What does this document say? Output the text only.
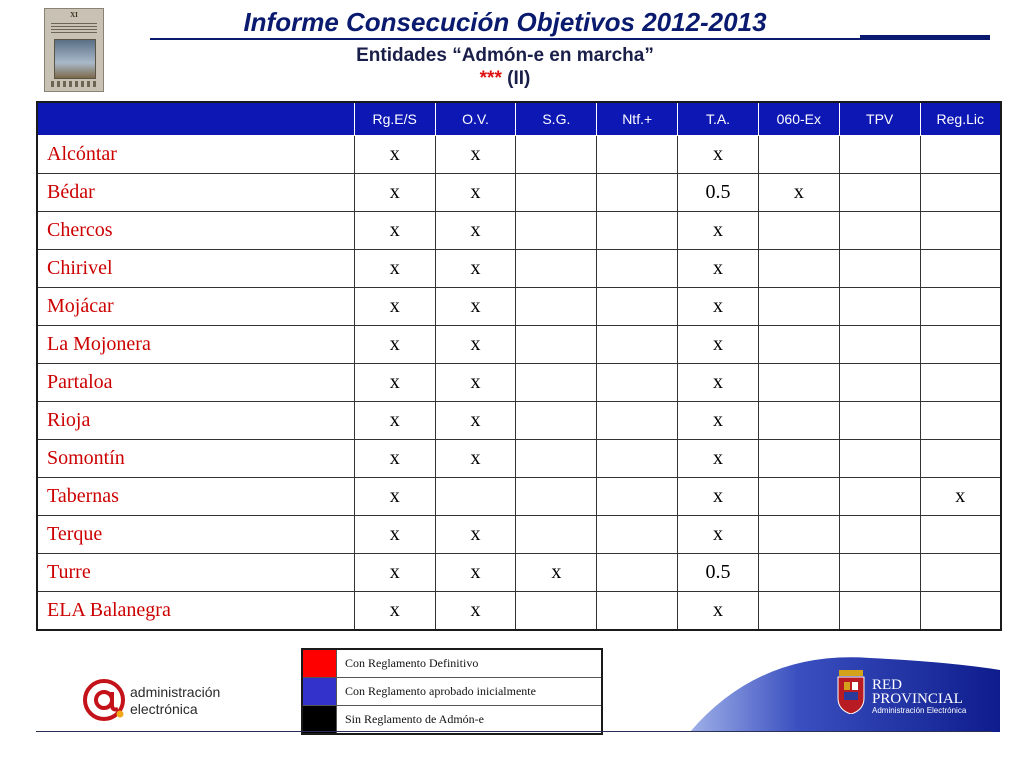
XI	Informe Consecución Objetivos 2012-2013
Entidades “Admón-e en marcha”
*** (II)
	Rg.E/S	O.V.	S.G.	Ntf.+	T.A.	060-Ex	TPV	Reg.Lic
Alcóntar	x	x			x			
Bédar	x	x			0.5	x		
Chercos	x	x			x			
Chirivel	x	x			x			
Mojácar	x	x			x			
La Mojonera	x	x			x			
Partaloa	x	x			x			
Rioja	x	x			x			
Somontín	x	x			x			
Tabernas	x				x			x
Terque	x	x			x			
Turre	x	x	x		0.5			
ELA Balanegra	x	x			x			
	Con Reglamento Definitivo
	Con Reglamento aprobado inicialmente
	Sin Reglamento de Admón-e
administración
electrónica
RED
PROVINCIAL
Administración Electrónica
